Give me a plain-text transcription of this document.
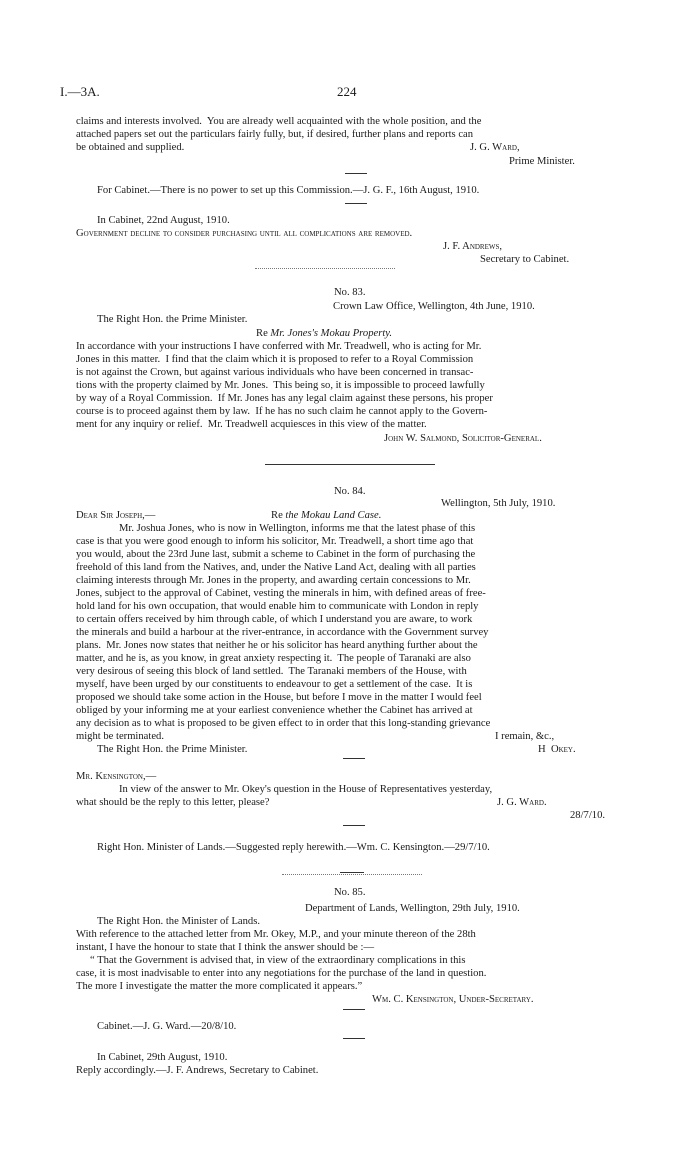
I.—3A.	224
claims and interests involved.  You are already well acquainted with the whole position, and the
attached papers set out the particulars fairly fully, but, if desired, further plans and reports can
be obtained and supplied.	J. G. Ward,
Prime Minister.
For Cabinet.—There is no power to set up this Commission.—J. G. F., 16th August, 1910.
In Cabinet, 22nd August, 1910.
Government decline to consider purchasing until all complications are removed.
J. F. Andrews,
Secretary to Cabinet.
No. 83.
Crown Law Office, Wellington, 4th June, 1910.
The Right Hon. the Prime Minister.
Re Mr. Jones's Mokau Property.
In accordance with your instructions I have conferred with Mr. Treadwell, who is acting for Mr.
Jones in this matter.  I find that the claim which it is proposed to refer to a Royal Commission
is not against the Crown, but against various individuals who have been concerned in transac-
tions with the property claimed by Mr. Jones.  This being so, it is impossible to proceed lawfully
by way of a Royal Commission.  If Mr. Jones has any legal claim against these persons, his proper
course is to proceed against them by law.  If he has no such claim he cannot apply to the Govern-
ment for any inquiry or relief.  Mr. Treadwell acquiesces in this view of the matter.
John W. Salmond, Solicitor-General.
No. 84.
Wellington, 5th July, 1910.
Dear Sir Joseph,—	Re the Mokau Land Case.
Mr. Joshua Jones, who is now in Wellington, informs me that the latest phase of this
case is that you were good enough to inform his solicitor, Mr. Treadwell, a short time ago that
you would, about the 23rd June last, submit a scheme to Cabinet in the form of purchasing the
freehold of this land from the Natives, and, under the Native Land Act, dealing with all parties
claiming interests through Mr. Jones in the property, and awarding certain concessions to Mr.
Jones, subject to the approval of Cabinet, vesting the minerals in him, with defined areas of free-
hold land for his own occupation, that would enable him to communicate with London in reply
to certain offers received by him through cable, of which I understand you are aware, to work
the minerals and build a harbour at the river-entrance, in accordance with the Government survey
plans.  Mr. Jones now states that neither he or his solicitor has heard anything further about the
matter, and he is, as you know, in great anxiety respecting it.  The people of Taranaki are also
very desirous of seeing this block of land settled.  The Taranaki members of the House, with
myself, have been urged by our constituents to endeavour to get a settlement of the case.  It is
proposed we should take some action in the House, but before I move in the matter I would feel
obliged by your informing me at your earliest convenience whether the Cabinet has arrived at
any decision as to what is proposed to be given effect to in order that this long-standing grievance
might be terminated.	I remain, &c.,
The Right Hon. the Prime Minister.	H  Okey.
Mr. Kensington,—
In view of the answer to Mr. Okey's question in the House of Representatives yesterday,
what should be the reply to this letter, please?	J. G. Ward.
28/7/10.
Right Hon. Minister of Lands.—Suggested reply herewith.—Wm. C. Kensington.—29/7/10.
No. 85.
Department of Lands, Wellington, 29th July, 1910.
The Right Hon. the Minister of Lands.
With reference to the attached letter from Mr. Okey, M.P., and your minute thereon of the 28th
instant, I have the honour to state that I think the answer should be :—
“ That the Government is advised that, in view of the extraordinary complications in this
case, it is most inadvisable to enter into any negotiations for the purchase of the land in question.
The more I investigate the matter the more complicated it appears.”
Wm. C. Kensington, Under-Secretary.
Cabinet.—J. G. Ward.—20/8/10.
In Cabinet, 29th August, 1910.
Reply accordingly.—J. F. Andrews, Secretary to Cabinet.
